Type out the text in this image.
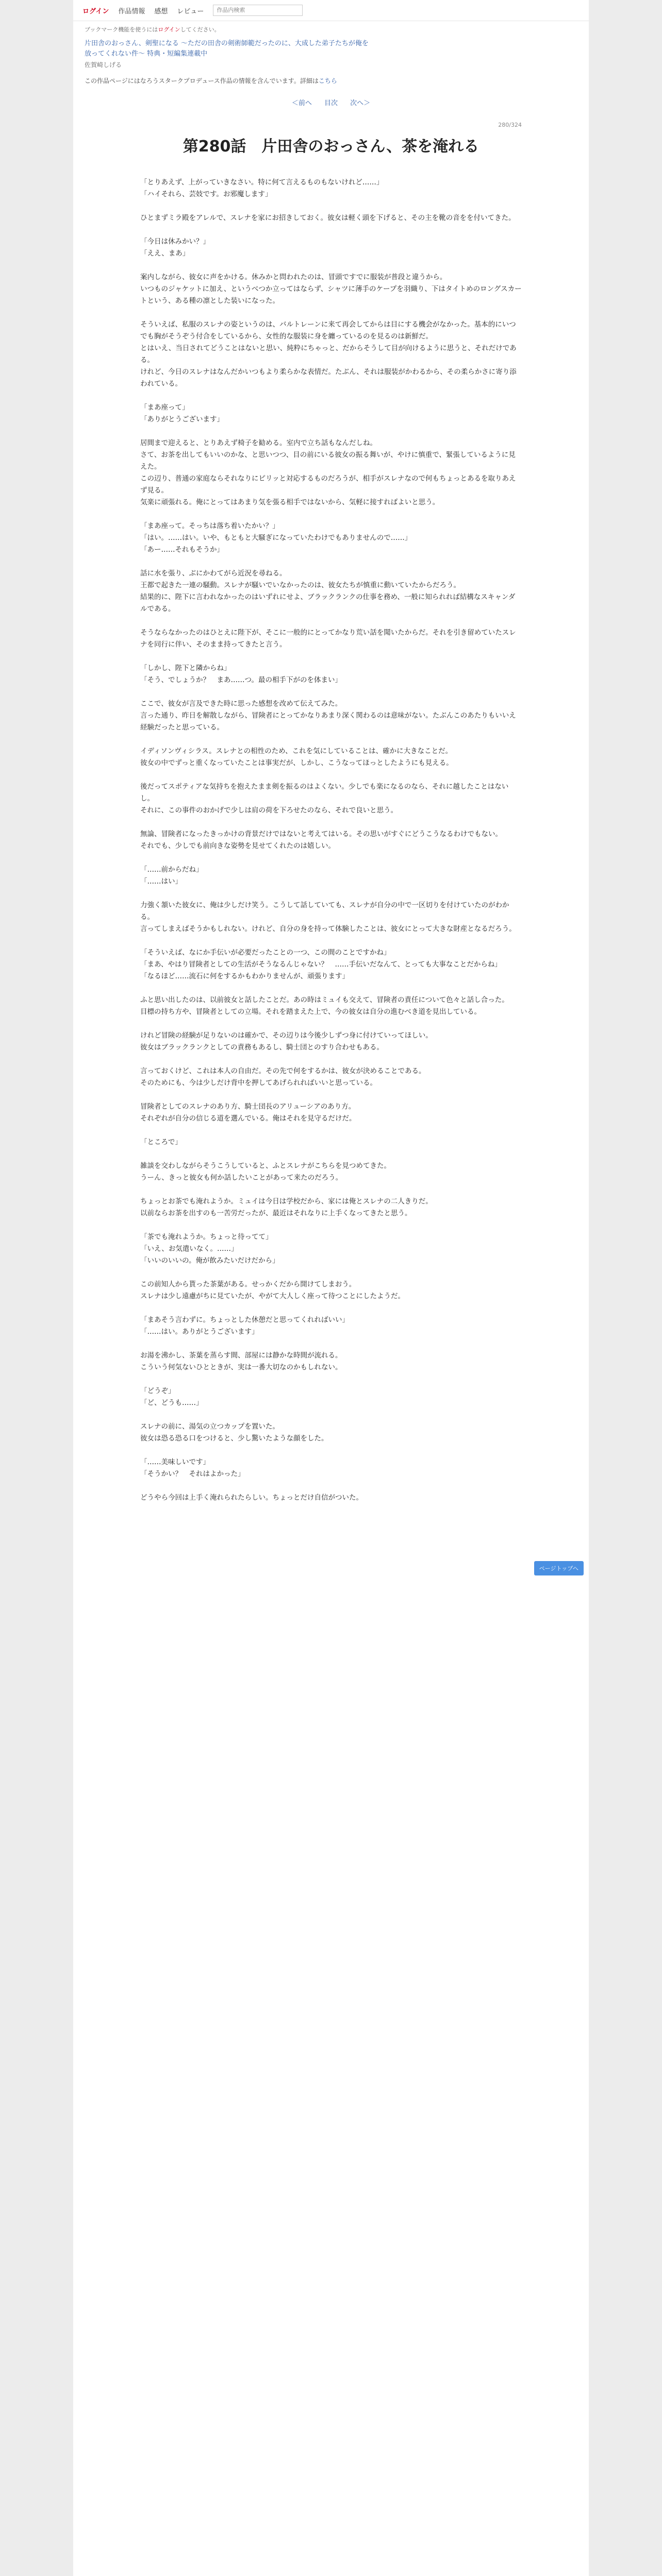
ログイン 作品情報 感想 レビュー
作品内検索
ブックマーク機能を使うにはログインしてください。
片田舎のおっさん、剣聖になる ～ただの田舎の剣術師範だったのに、大成した弟子たちが俺を放ってくれない件～ 特典・短編集連載中
佐賀崎しげる
この作品ページにはなろうスタークプロデュース作品の情報を含んでいます。詳細はこちら
＜前へ 目次 次へ＞
280/324
第280話　片田舎のおっさん、茶を淹れる

「とりあえず、上がっていきなさい。特に何て言えるものもないけれど……」

「ハイそれら、芸妓です。お邪魔します」

ひとまずミラ殿をアレルで、スレナを家にお招きしておく。彼女は軽く頭を下げると、その主を靴の音をを付いてきた。

「今日は休みかい？」

「ええ、まあ」

案内しながら、彼女に声をかける。休みかと問われたのは、冒頭ですでに服装が普段と違うから。

いつものジャケットに加え、というべつか立ってはならず、シャツに薄手のケープを羽織り、下はタイトめのロングスカートという、ある種の凛とした装いになった。

そういえば、私服のスレナの姿というのは、バルトレーンに来て再会してからは目にする機会がなかった。基本的にいつでも胸がそうぞう付合をしているから、女性的な服装に身を纏っているのを見るのは新鮮だ。

とはいえ、当日されてどうことはないと思い、純粋にちゃっと、だからそうして目が向けるように思うと、それだけである。

けれど、今日のスレナはなんだかいつもより柔らかな表情だ。たぶん、それは服装がかわるから、その柔らかさに寄り添われている。

「まあ座って」

「ありがとうございます」

居間まで迎えると、とりあえず椅子を勧める。室内で立ち話もなんだしね。

さて、お茶を出してもいいのかな、と思いつつ、目の前にいる彼女の振る舞いが、やけに慎重で、緊張しているように見えた。

この辺り、普通の家庭ならそれなりにピリッと対応するものだろうが、相手がスレナなので何もちょっとあるを取りあえず見る。

気楽に頑張れる。俺にとってはあまり気を張る相手ではないから、気軽に接すればよいと思う。

「まあ座って。そっちは落ち着いたかい？」

「はい。……はい。いや、もともと大騒ぎになっていたわけでもありませんので……」

「あー……それもそうか」

話に水を張り、ぶにかわてがら近況を尋ねる。

王都で起きた一連の騒動。スレナが騒いでいなかったのは、彼女たちが慎重に動いていたからだろう。

結果的に、陛下に言われなかったのはいずれにせよ、ブラックランクの仕事を務め、一般に知られれば結構なスキャンダルである。

そうならなかったのはひとえに陛下が、そこに一般的にとってかなり荒い話を聞いたからだ。それを引き留めていたスレナを同行に伴い、そのまま持ってきたと言う。

「しかし、陛下と隣からね」

「そう、でしょうか？　まあ……つ。最の相手下がのを体まい」

ここで、彼女が言及できた時に思った感想を改めて伝えてみた。

言った通り、昨日を解散しながら、冒険者にとってかなりあまり深く関わるのは意味がない。たぶんこのあたりもいいえ経験だったと思っている。

イディソンヴィシラス。スレナとの相性のため、これを気にしていることは、確かに大きなことだ。

彼女の中でずっと重くなっていたことは事実だが、しかし、こうなってほっとしたようにも見える。

後だってスポティアな気持ちを抱えたまま剣を振るのはよくない。少しでも楽になるのなら、それに越したことはないし。

それに、この事件のおかげで少しは肩の荷を下ろせたのなら、それで良いと思う。

無論、冒険者になったきっかけの背景だけではないと考えてはいる。その思いがすぐにどうこうなるわけでもない。

それでも、少しでも前向きな姿勢を見せてくれたのは嬉しい。

「……前からだね」

「……はい」

力強く頷いた彼女に、俺は少しだけ笑う。こうして話していても、スレナが自分の中で一区切りを付けていたのがわかる。

言ってしまえばそうかもしれない。けれど、自分の身を持って体験したことは、彼女にとって大きな財産となるだろう。

「そういえば、なにか手伝いが必要だったことの一つ、この間のことですかね」

「まあ、やはり冒険者としての生活がそうなるんじゃない？　……手伝いだなんて、とっても大事なことだからね」

「なるほど……流石に何をするかもわかりませんが、頑張ります」

ふと思い出したのは、以前彼女と話したことだ。あの時はミュイも交えて、冒険者の責任について色々と話し合った。

目標の持ち方や、冒険者としての立場。それを踏まえた上で、今の彼女は自分の進むべき道を見出している。

けれど冒険の経験が足りないのは確かで、その辺りは今後少しずつ身に付けていってほしい。

彼女はブラックランクとしての責務もあるし、騎士団とのすり合わせもある。

言っておくけど、これは本人の自由だ。その先で何をするかは、彼女が決めることである。

そのためにも、今は少しだけ背中を押してあげられればいいと思っている。

冒険者としてのスレナのあり方、騎士団長のアリューシアのあり方。

それぞれが自分の信じる道を選んでいる。俺はそれを見守るだけだ。

「ところで」

雑談を交わしながらそうこうしていると、ふとスレナがこちらを見つめてきた。

うーん、きっと彼女も何か話したいことがあって来たのだろう。

ちょっとお茶でも淹れようか。ミュイは今日は学校だから、家には俺とスレナの二人きりだ。

以前ならお茶を出すのも一苦労だったが、最近はそれなりに上手くなってきたと思う。

「茶でも淹れようか。ちょっと待ってて」

「いえ、お気遣いなく。……」

「いいのいいの。俺が飲みたいだけだから」

この前知人から貰った茶葉がある。せっかくだから開けてしまおう。

スレナは少し遠慮がちに見ていたが、やがて大人しく座って待つことにしたようだ。

「まあそう言わずに。ちょっとした休憩だと思ってくれればいい」

「……はい。ありがとうございます」

お湯を沸かし、茶葉を蒸らす間、部屋には静かな時間が流れる。

こういう何気ないひとときが、実は一番大切なのかもしれない。

「どうぞ」

「ど、どうも……」

スレナの前に、湯気の立つカップを置いた。

彼女は恐る恐る口をつけると、少し驚いたような顔をした。

「……美味しいです」

「そうかい？　それはよかった」

どうやら今回は上手く淹れられたらしい。ちょっとだけ自信がついた。

ページトップへ
